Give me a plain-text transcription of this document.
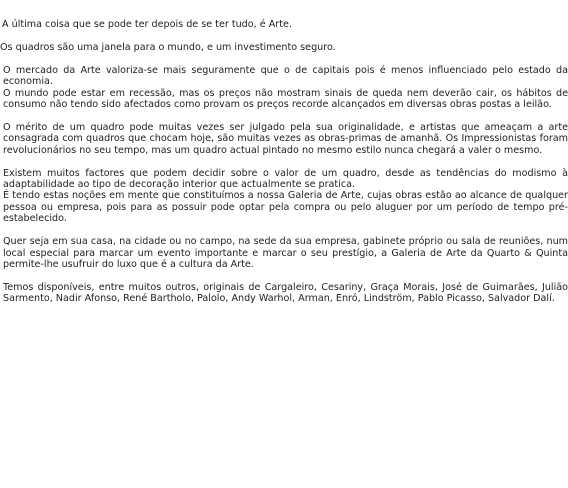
A última coisa que se pode ter depois de se ter tudo, é Arte.

Os quadros são uma janela para o mundo, e um investimento seguro.

O mercado da Arte valoriza-se mais seguramente que o de capitais pois é menos influenciado pelo estado da economia.

O mundo pode estar em recessão, mas os preços não mostram sinais de queda nem deverão cair, os hábitos de consumo não tendo sido afectados como provam os preços recorde alcançados em diversas obras postas a leilão.

O mérito de um quadro pode muitas vezes ser julgado pela sua originalidade, e artistas que ameaçam a arte consagrada com quadros que chocam hoje, são muitas vezes as obras-primas de amanhã. Os Impressionistas foram revolucionários no seu tempo, mas um quadro actual pintado no mesmo estilo nunca chegará a valer o mesmo.

Existem muitos factores que podem decidir sobre o valor de um quadro, desde as tendências do modismo à adaptabilidade ao tipo de decoração interior que actualmente se pratica.

É tendo estas noções em mente que constituímos a nossa Galeria de Arte, cujas obras estão ao alcance de qualquer pessoa ou empresa, pois para as possuir pode optar pela compra ou pelo aluguer por um período de tempo pré-estabelecido.

Quer seja em sua casa, na cidade ou no campo, na sede da sua empresa, gabinete próprio ou sala de reuniões, num local especial para marcar um evento importante e marcar o seu prestígio, a Galeria de Arte da Quarto & Quinta permite-lhe usufruir do luxo que é a cultura da Arte.

Temos disponíveis, entre muitos outros, originais de Cargaleiro, Cesariny, Graça Morais, José de Guimarães, Julião Sarmento, Nadir Afonso, René Bartholo, Palolo, Andy Warhol, Arman, Enró, Lindström, Pablo Picasso, Salvador Dalí.
